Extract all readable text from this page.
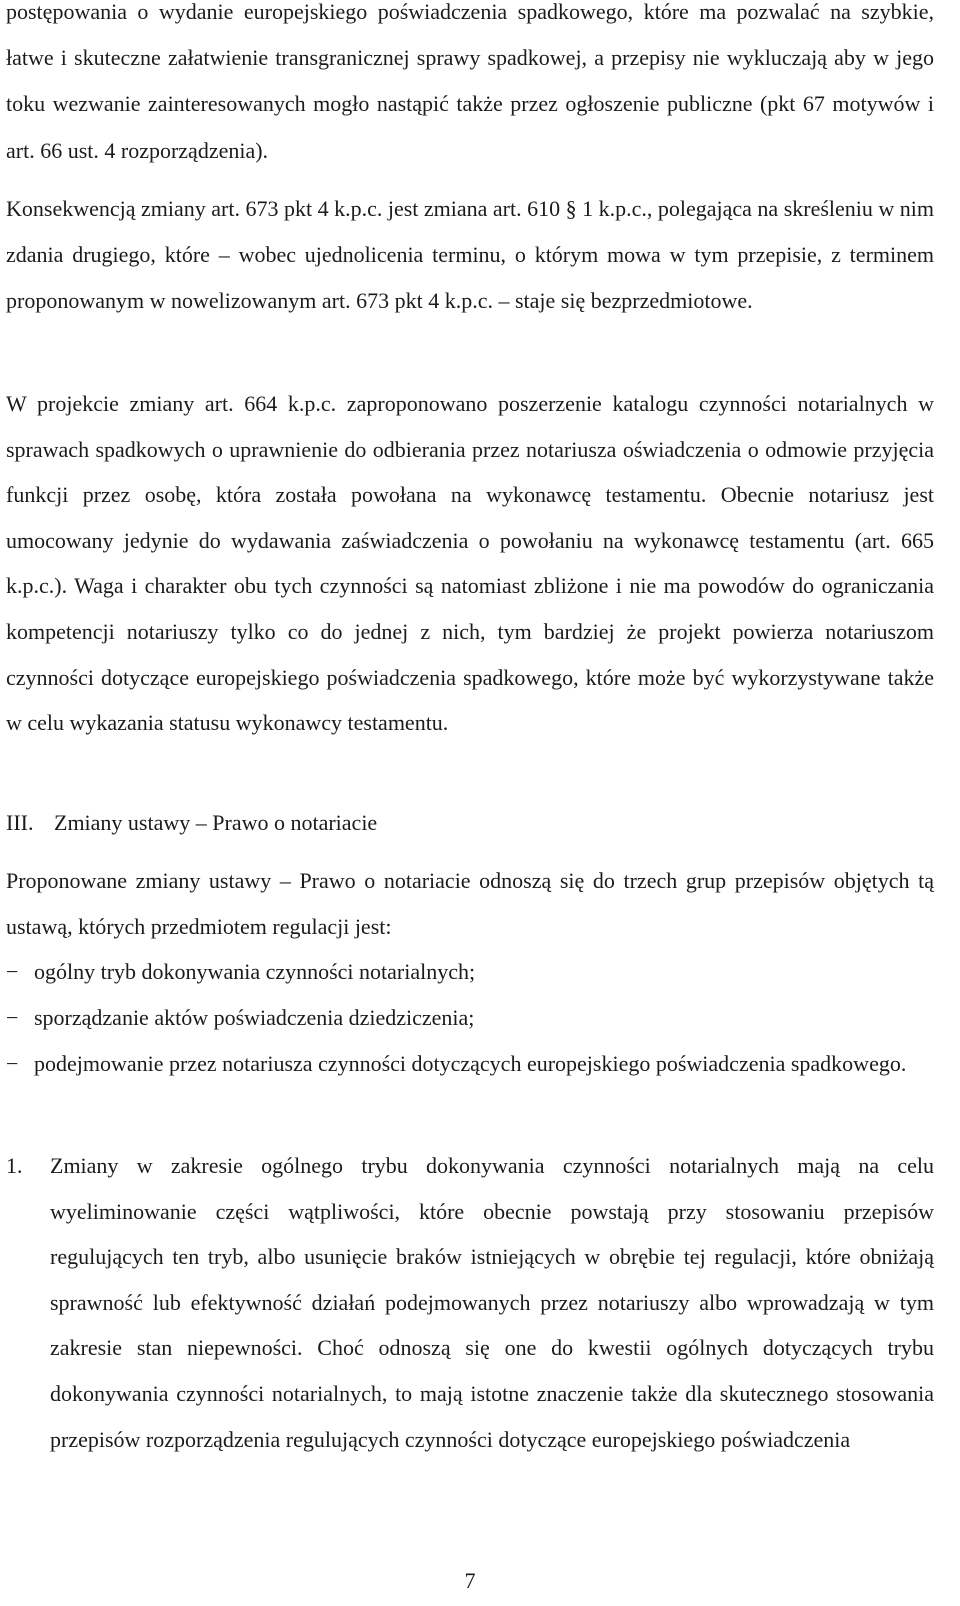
postępowania o wydanie europejskiego poświadczenia spadkowego, które ma pozwalać na szybkie, łatwe i skuteczne załatwienie transgranicznej sprawy spadkowej, a przepisy nie wykluczają aby w jego toku wezwanie zainteresowanych mogło nastąpić także przez ogłoszenie publiczne (pkt 67 motywów i art. 66 ust. 4 rozporządzenia).

Konsekwencją zmiany art. 673 pkt 4 k.p.c. jest zmiana art. 610 § 1 k.p.c., polegająca na skreśleniu w nim zdania drugiego, które – wobec ujednolicenia terminu, o którym mowa w tym przepisie, z terminem proponowanym w nowelizowanym art. 673 pkt 4 k.p.c. – staje się bezprzedmiotowe.

W projekcie zmiany art. 664 k.p.c. zaproponowano poszerzenie katalogu czynności notarialnych w sprawach spadkowych o uprawnienie do odbierania przez notariusza oświadczenia o odmowie przyjęcia funkcji przez osobę, która została powołana na wykonawcę testamentu. Obecnie notariusz jest umocowany jedynie do wydawania zaświadczenia o powołaniu na wykonawcę testamentu (art. 665 k.p.c.). Waga i charakter obu tych czynności są natomiast zbliżone i nie ma powodów do ograniczania kompetencji notariuszy tylko co do jednej z nich, tym bardziej że projekt powierza notariuszom czynności dotyczące europejskiego poświadczenia spadkowego, które może być wykorzystywane także w celu wykazania statusu wykonawcy testamentu.

III. Zmiany ustawy – Prawo o notariacie

Proponowane zmiany ustawy – Prawo o notariacie odnoszą się do trzech grup przepisów objętych tą ustawą, których przedmiotem regulacji jest:

− ogólny tryb dokonywania czynności notarialnych;
− sporządzanie aktów poświadczenia dziedziczenia;
− podejmowanie przez notariusza czynności dotyczących europejskiego poświadczenia spadkowego.
1. Zmiany w zakresie ogólnego trybu dokonywania czynności notarialnych mają na celu wyeliminowanie części wątpliwości, które obecnie powstają przy stosowaniu przepisów regulujących ten tryb, albo usunięcie braków istniejących w obrębie tej regulacji, które obniżają sprawność lub efektywność działań podejmowanych przez notariuszy albo wprowadzają w tym zakresie stan niepewności. Choć odnoszą się one do kwestii ogólnych dotyczących trybu dokonywania czynności notarialnych, to mają istotne znaczenie także dla skutecznego stosowania przepisów rozporządzenia regulujących czynności dotyczące europejskiego poświadczenia
7
